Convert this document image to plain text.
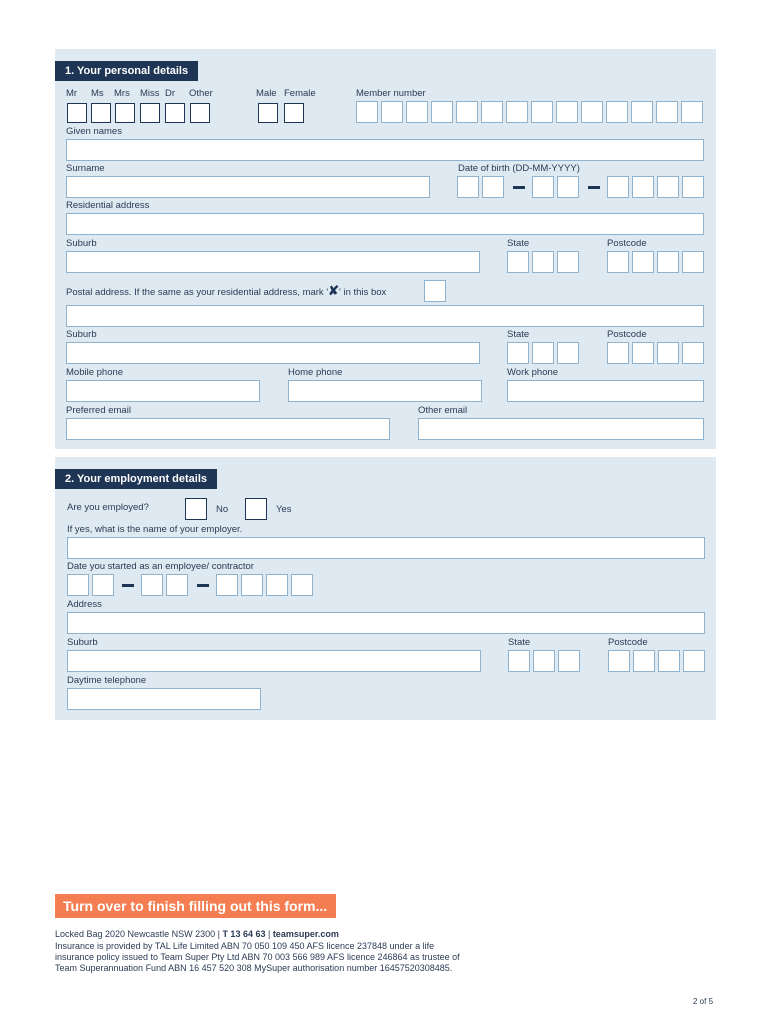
1. Your personal details
Mr Ms Mrs Miss Dr Other	Male Female	Member number
Given names
Surname	Date of birth (DD-MM-YYYY)
Residential address
Suburb	State	Postcode
Postal address. If the same as your residential address, mark '✘' in this box
Suburb	State	Postcode
Mobile phone	Home phone	Work phone
Preferred email	Other email
2. Your employment details
Are you employed?	No	Yes
If yes, what is the name of your employer.
Date you started as an employee/ contractor
Address
Suburb	State	Postcode
Daytime telephone
Turn over to finish filling out this form...
Locked Bag 2020 Newcastle NSW 2300 | T 13 64 63 | teamsuper.com
Insurance is provided by TAL Life Limited ABN 70 050 109 450 AFS licence 237848 under a life
insurance policy issued to Team Super Pty Ltd ABN 70 003 566 989 AFS licence 246864 as trustee of
Team Superannuation Fund ABN 16 457 520 308 MySuper authorisation number 16457520308485.
2 of 5
